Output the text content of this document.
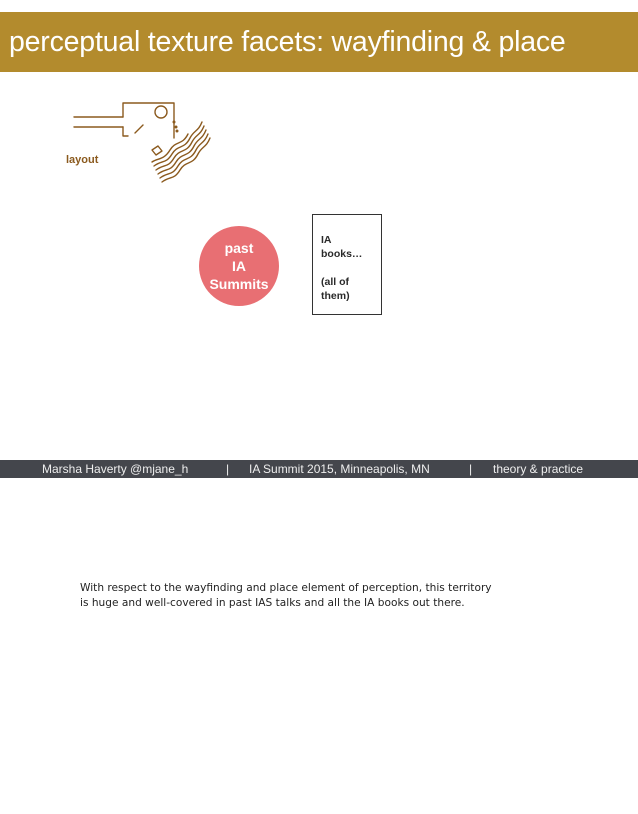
perceptual texture facets: wayfinding & place
layout
past
IA
Summits
IA
books…
(all of
them)
Marsha Haverty @mjane_h	| IA Summit 2015, Minneapolis, MN	| theory & practice
With respect to the wayfinding and place element of perception, this territory
is huge and well-covered in past IAS talks and all the IA books out there.
